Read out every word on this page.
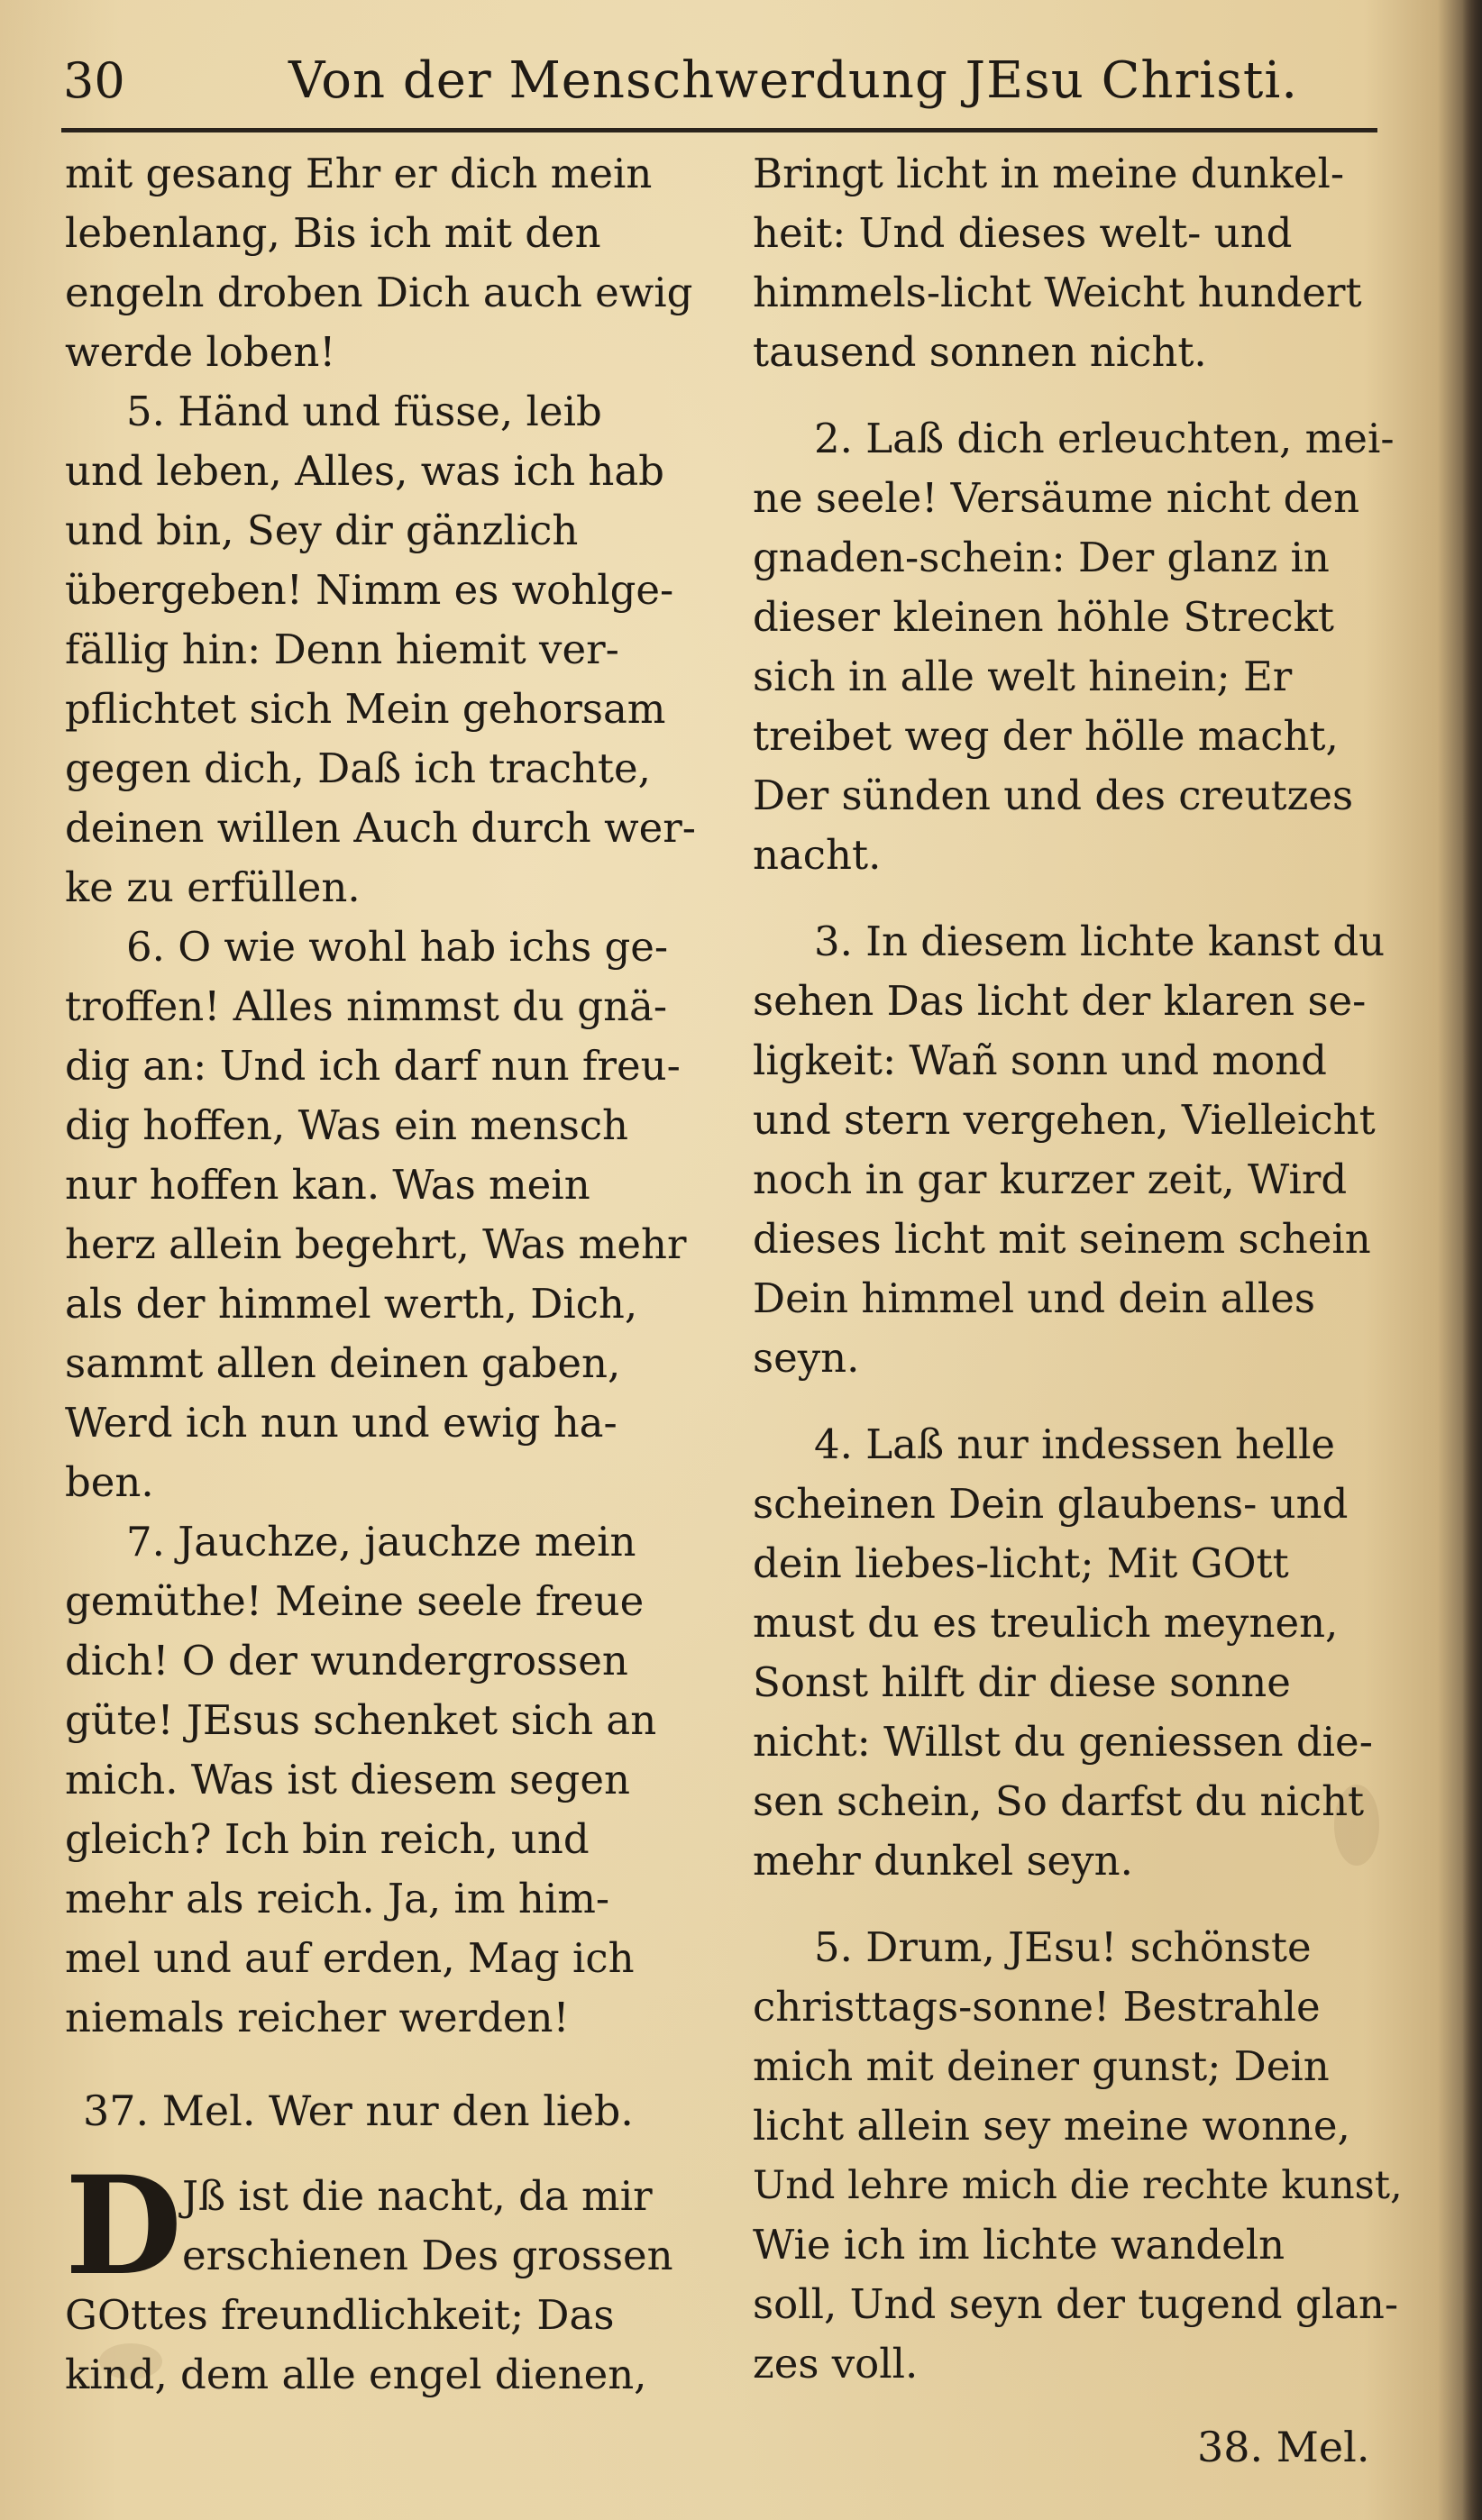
30	Von der Menschwerdung JEsu Christi.
mit gesang Ehr er dich mein
lebenlang, Bis ich mit den
engeln droben Dich auch ewig
werde loben!
5. Händ und füsse, leib
und leben, Alles, was ich hab
und bin, Sey dir gänzlich
übergeben! Nimm es wohlge-
fällig hin: Denn hiemit ver-
pflichtet sich Mein gehorsam
gegen dich, Daß ich trachte,
deinen willen Auch durch wer-
ke zu erfüllen.
6. O wie wohl hab ichs ge-
troffen! Alles nimmst du gnä-
dig an: Und ich darf nun freu-
dig hoffen, Was ein mensch
nur hoffen kan. Was mein
herz allein begehrt, Was mehr
als der himmel werth, Dich,
sammt allen deinen gaben,
Werd ich nun und ewig ha-
ben.
7. Jauchze, jauchze mein
gemüthe! Meine seele freue
dich! O der wundergrossen
güte! JEsus schenket sich an
mich. Was ist diesem segen
gleich? Ich bin reich, und
mehr als reich. Ja, im him-
mel und auf erden, Mag ich
niemals reicher werden!
37. Mel. Wer nur den lieb.
D Jß ist die nacht, da mir
erschienen Des grossen
GOttes freundlichkeit; Das
kind, dem alle engel dienen,
Bringt licht in meine dunkel-
heit: Und dieses welt- und
himmels-licht Weicht hundert
tausend sonnen nicht.
2. Laß dich erleuchten, mei-
ne seele! Versäume nicht den
gnaden-schein: Der glanz in
dieser kleinen höhle Streckt
sich in alle welt hinein; Er
treibet weg der hölle macht,
Der sünden und des creutzes
nacht.
3. In diesem lichte kanst du
sehen Das licht der klaren se-
ligkeit: Wañ sonn und mond
und stern vergehen, Vielleicht
noch in gar kurzer zeit, Wird
dieses licht mit seinem schein
Dein himmel und dein alles
seyn.
4. Laß nur indessen helle
scheinen Dein glaubens- und
dein liebes-licht; Mit GOtt
must du es treulich meynen,
Sonst hilft dir diese sonne
nicht: Willst du geniessen die-
sen schein, So darfst du nicht
mehr dunkel seyn.
5. Drum, JEsu! schönste
christtags-sonne! Bestrahle
mich mit deiner gunst; Dein
licht allein sey meine wonne,
Und lehre mich die rechte kunst,
Wie ich im lichte wandeln
soll, Und seyn der tugend glan-
zes voll.
38. Mel.
